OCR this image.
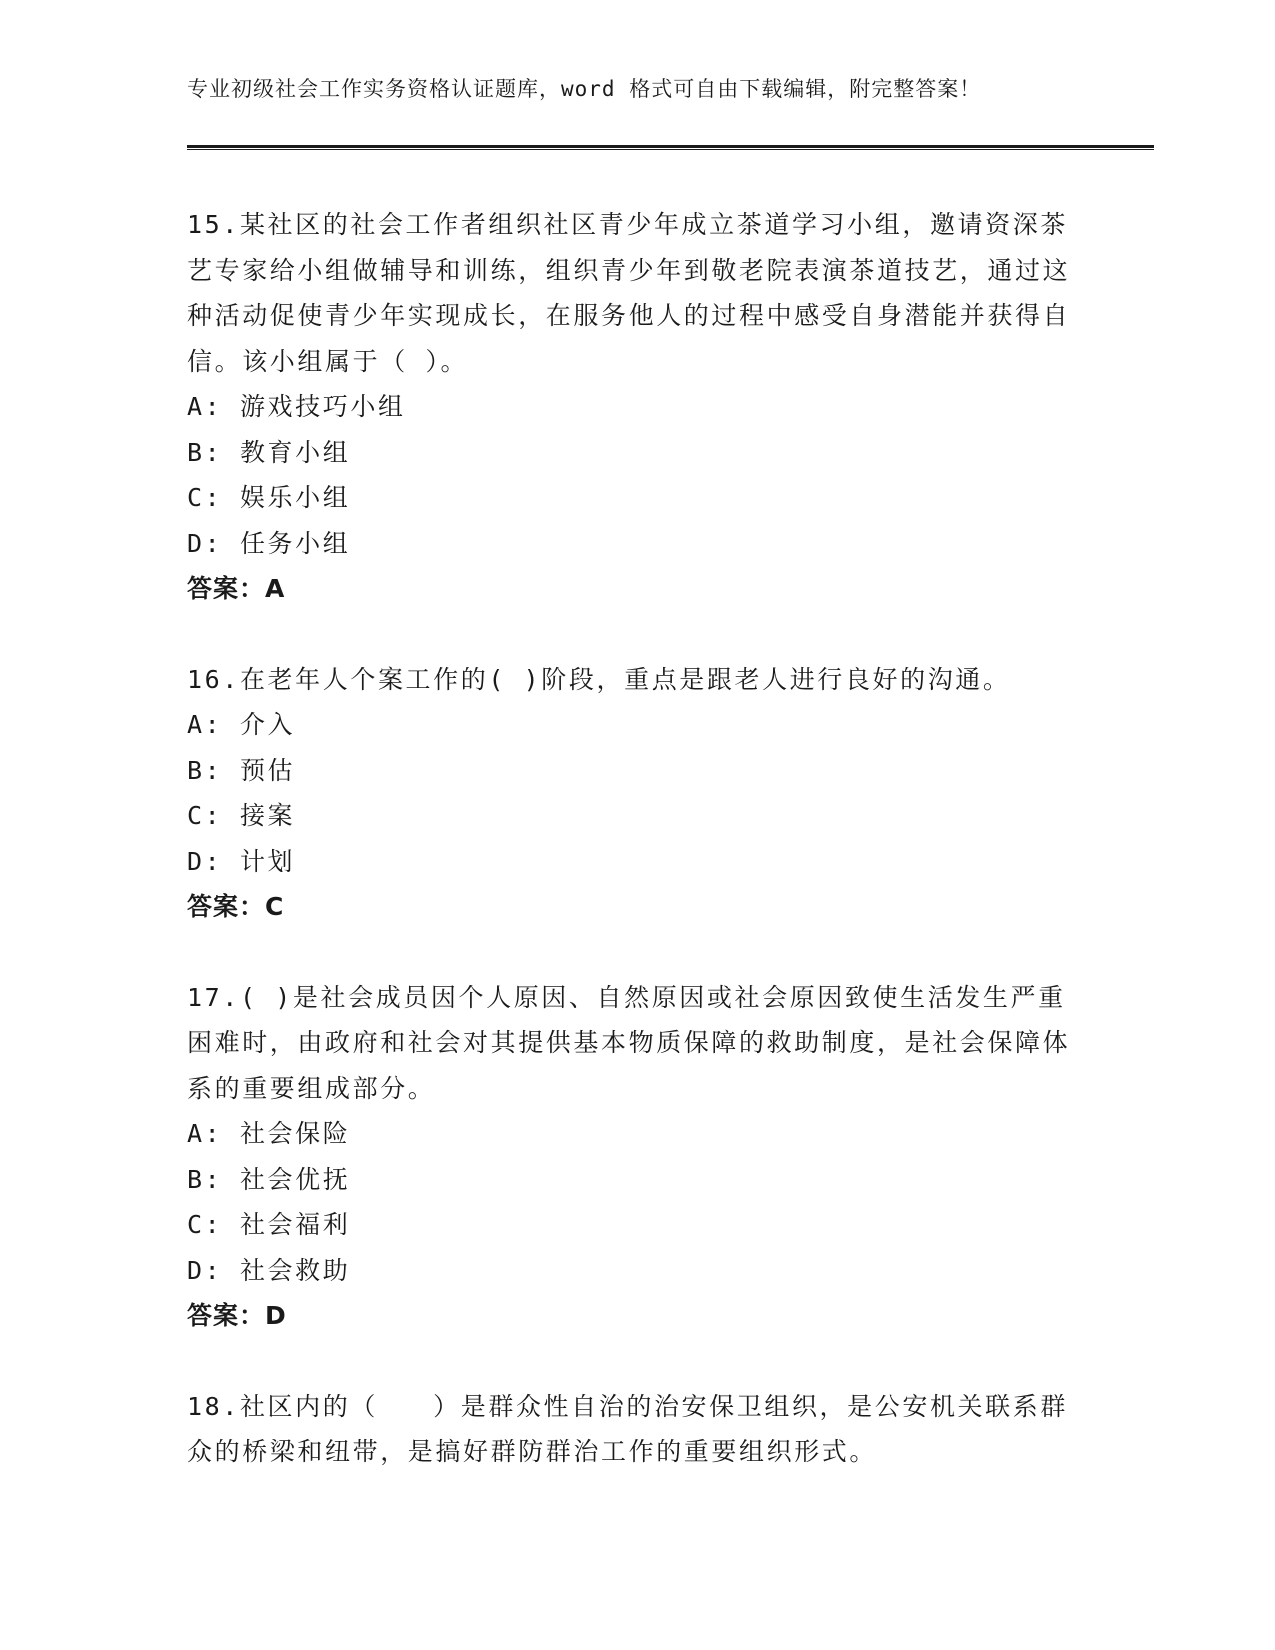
专业初级社会工作实务资格认证题库，word 格式可自由下载编辑，附完整答案！

15.某社区的社会工作者组织社区青少年成立茶道学习小组，邀请资深茶艺专家给小组做辅导和训练，组织青少年到敬老院表演茶道技艺，通过这种活动促使青少年实现成长，在服务他人的过程中感受自身潜能并获得自信。该小组属于（ ）。

A: 游戏技巧小组

B: 教育小组

C: 娱乐小组

D: 任务小组

答案：A

16.在老年人个案工作的( )阶段，重点是跟老人进行良好的沟通。

A: 介入

B: 预估

C: 接案

D: 计划

答案：C

17.( )是社会成员因个人原因、自然原因或社会原因致使生活发生严重困难时，由政府和社会对其提供基本物质保障的救助制度，是社会保障体系的重要组成部分。

A: 社会保险

B: 社会优抚

C: 社会福利

D: 社会救助

答案：D

18.社区内的（　　）是群众性自治的治安保卫组织，是公安机关联系群众的桥梁和纽带，是搞好群防群治工作的重要组织形式。
